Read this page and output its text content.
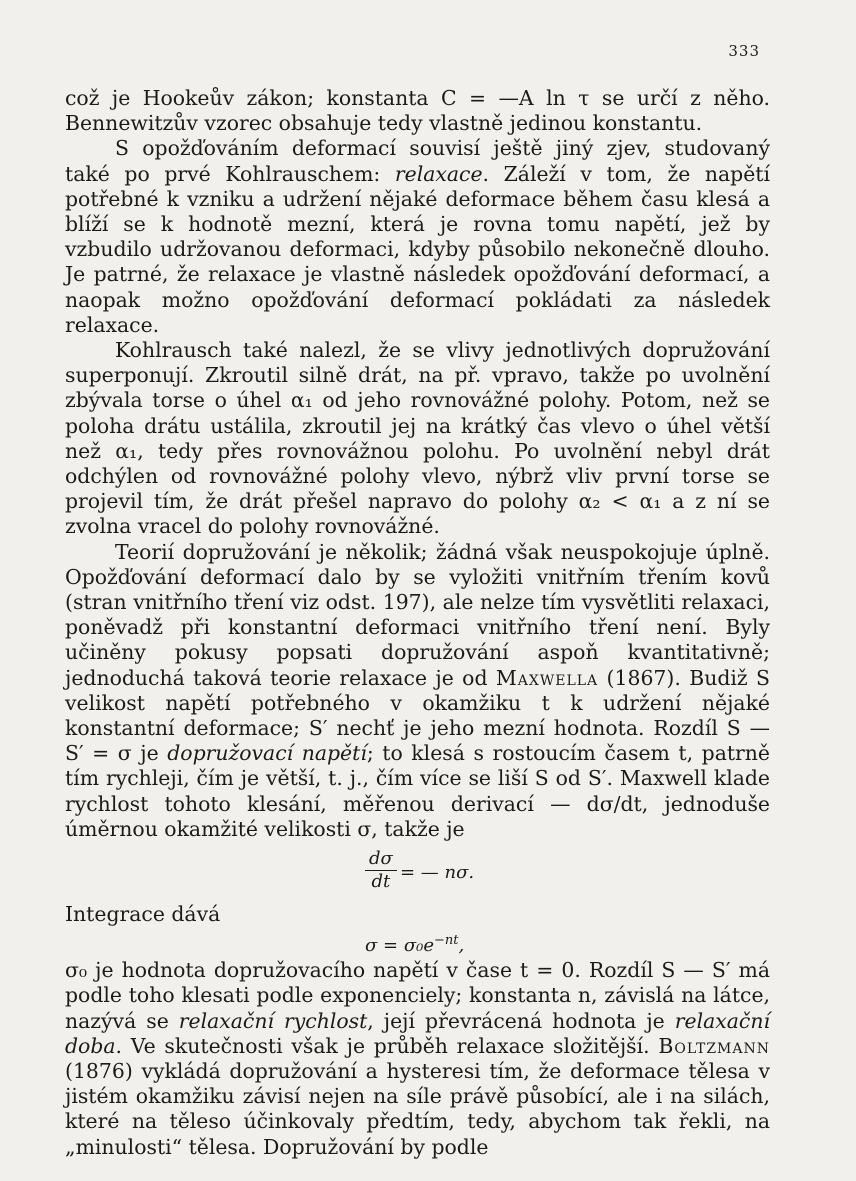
333

což je Hookeův zákon; konstanta C = —A ln τ se určí z něho. Bennewitzův vzorec obsahuje tedy vlastně jedinou konstantu.

S opožďováním deformací souvisí ještě jiný zjev, studovaný také po prvé Kohlrauschem: relaxace. Záleží v tom, že napětí potřebné k vzniku a udržení nějaké deformace během času klesá a blíží se k hodnotě mezní, která je rovna tomu napětí, jež by vzbudilo udržovanou deformaci, kdyby působilo nekonečně dlouho. Je patrné, že relaxace je vlastně následek opožďování deformací, a naopak možno opožďování deformací pokládati za následek relaxace.

Kohlrausch také nalezl, že se vlivy jednotlivých dopružování superponují. Zkroutil silně drát, na př. vpravo, takže po uvolnění zbývala torse o úhel α₁ od jeho rovnovážné polohy. Potom, než se poloha drátu ustálila, zkroutil jej na krátký čas vlevo o úhel větší než α₁, tedy přes rovnovážnou polohu. Po uvolnění nebyl drát odchýlen od rovnovážné polohy vlevo, nýbrž vliv první torse se projevil tím, že drát přešel napravo do polohy α₂ < α₁ a z ní se zvolna vracel do polohy rovnovážné.

Teorií dopružování je několik; žádná však neuspokojuje úplně. Opožďování deformací dalo by se vyložiti vnitřním třením kovů (stran vnitřního tření viz odst. 197), ale nelze tím vysvětliti relaxaci, poněvadž při konstantní deformaci vnitřního tření není. Byly učiněny pokusy popsati dopružování aspoň kvantitativně; jednoduchá taková teorie relaxace je od Maxwella (1867). Budiž S velikost napětí potřebného v okamžiku t k udržení nějaké konstantní deformace; S′ nechť je jeho mezní hodnota. Rozdíl S — S′ = σ je dopružovací napětí; to klesá s rostoucím časem t, patrně tím rychleji, čím je větší, t. j., čím více se liší S od S′. Maxwell klade rychlost tohoto klesání, měřenou derivací — dσ/dt, jednoduše úměrnou okamžité velikosti σ, takže je

$\frac{d\sigma}{dt}$ = — nσ.
Integrace dává
$\sigma = \sigma_0e^{-nt}$,

σ₀ je hodnota dopružovacího napětí v čase t = 0. Rozdíl S — S′ má podle toho klesati podle exponenciely; konstanta n, závislá na látce, nazývá se relaxační rychlost, její převrácená hodnota je relaxační doba. Ve skutečnosti však je průběh relaxace složitější. Boltzmann (1876) vykládá dopružování a hysteresi tím, že deformace tělesa v jistém okamžiku závisí nejen na síle právě působící, ale i na silách, které na těleso účinkovaly předtím, tedy, abychom tak řekli, na „minulosti“ tělesa. Dopružování by podle
